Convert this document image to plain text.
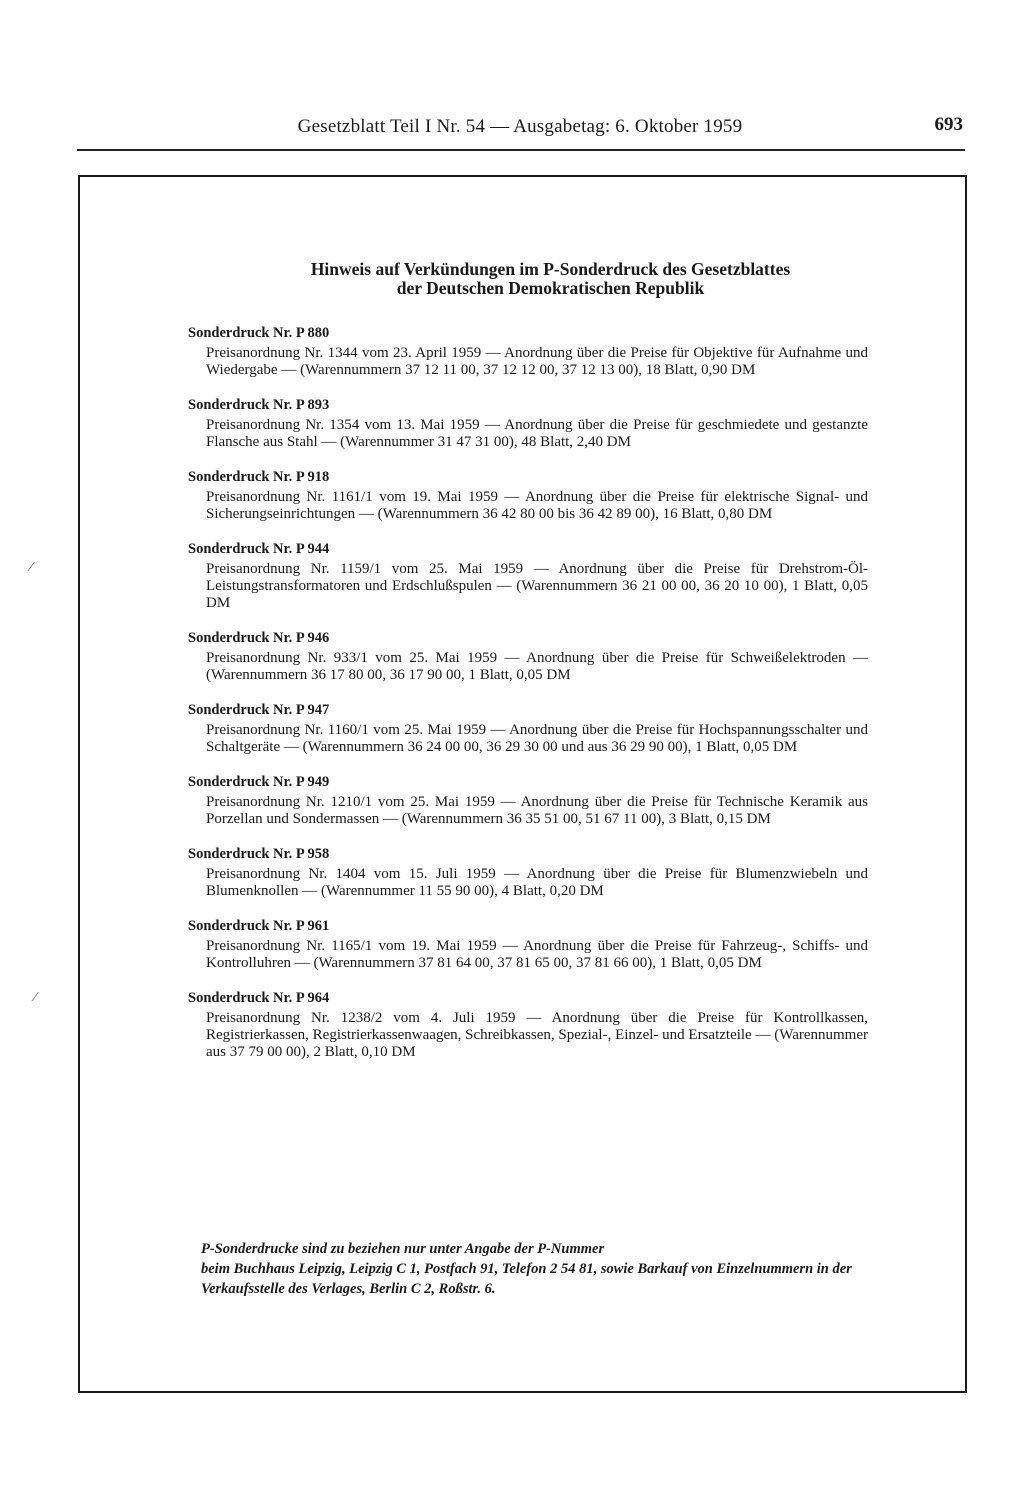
Gesetzblatt Teil I Nr. 54 — Ausgabetag: 6. Oktober 1959	693
Hinweis auf Verkündungen im P-Sonderdruck des Gesetzblattes
der Deutschen Demokratischen Republik
Sonderdruck Nr. P 880
Preisanordnung Nr. 1344 vom 23. April 1959 — Anordnung über die Preise für Objektive für Aufnahme und Wiedergabe — (Warennummern 37 12 11 00, 37 12 12 00, 37 12 13 00), 18 Blatt, 0,90 DM
Sonderdruck Nr. P 893
Preisanordnung Nr. 1354 vom 13. Mai 1959 — Anordnung über die Preise für geschmiedete und gestanzte Flansche aus Stahl — (Warennummer 31 47 31 00), 48 Blatt, 2,40 DM
Sonderdruck Nr. P 918
Preisanordnung Nr. 1161/1 vom 19. Mai 1959 — Anordnung über die Preise für elektrische Signal- und Sicherungseinrichtungen — (Warennummern 36 42 80 00 bis 36 42 89 00), 16 Blatt, 0,80 DM
Sonderdruck Nr. P 944
Preisanordnung Nr. 1159/1 vom 25. Mai 1959 — Anordnung über die Preise für Drehstrom-Öl-Leistungstransformatoren und Erdschlußspulen — (Warennummern 36 21 00 00, 36 20 10 00), 1 Blatt, 0,05 DM
Sonderdruck Nr. P 946
Preisanordnung Nr. 933/1 vom 25. Mai 1959 — Anordnung über die Preise für Schweißelektroden — (Warennummern 36 17 80 00, 36 17 90 00, 1 Blatt, 0,05 DM
Sonderdruck Nr. P 947
Preisanordnung Nr. 1160/1 vom 25. Mai 1959 — Anordnung über die Preise für Hochspannungsschalter und Schaltgeräte — (Warennummern 36 24 00 00, 36 29 30 00 und aus 36 29 90 00), 1 Blatt, 0,05 DM
Sonderdruck Nr. P 949
Preisanordnung Nr. 1210/1 vom 25. Mai 1959 — Anordnung über die Preise für Technische Keramik aus Porzellan und Sondermassen — (Warennummern 36 35 51 00, 51 67 11 00), 3 Blatt, 0,15 DM
Sonderdruck Nr. P 958
Preisanordnung Nr. 1404 vom 15. Juli 1959 — Anordnung über die Preise für Blumenzwiebeln und Blumenknollen — (Warennummer 11 55 90 00), 4 Blatt, 0,20 DM
Sonderdruck Nr. P 961
Preisanordnung Nr. 1165/1 vom 19. Mai 1959 — Anordnung über die Preise für Fahrzeug-, Schiffs- und Kontrolluhren — (Warennummern 37 81 64 00, 37 81 65 00, 37 81 66 00), 1 Blatt, 0,05 DM
Sonderdruck Nr. P 964
Preisanordnung Nr. 1238/2 vom 4. Juli 1959 — Anordnung über die Preise für Kontrollkassen, Registrierkassen, Registrierkassenwaagen, Schreibkassen, Spezial-, Einzel- und Ersatzteile — (Warennummer aus 37 79 00 00), 2 Blatt, 0,10 DM
P-Sonderdrucke sind zu beziehen nur unter Angabe der P-Nummer
beim Buchhaus Leipzig, Leipzig C 1, Postfach 91, Telefon 2 54 81, sowie Barkauf von Einzelnummern in der Verkaufsstelle des Verlages, Berlin C 2, Roßstr. 6.
⁄
⁄
